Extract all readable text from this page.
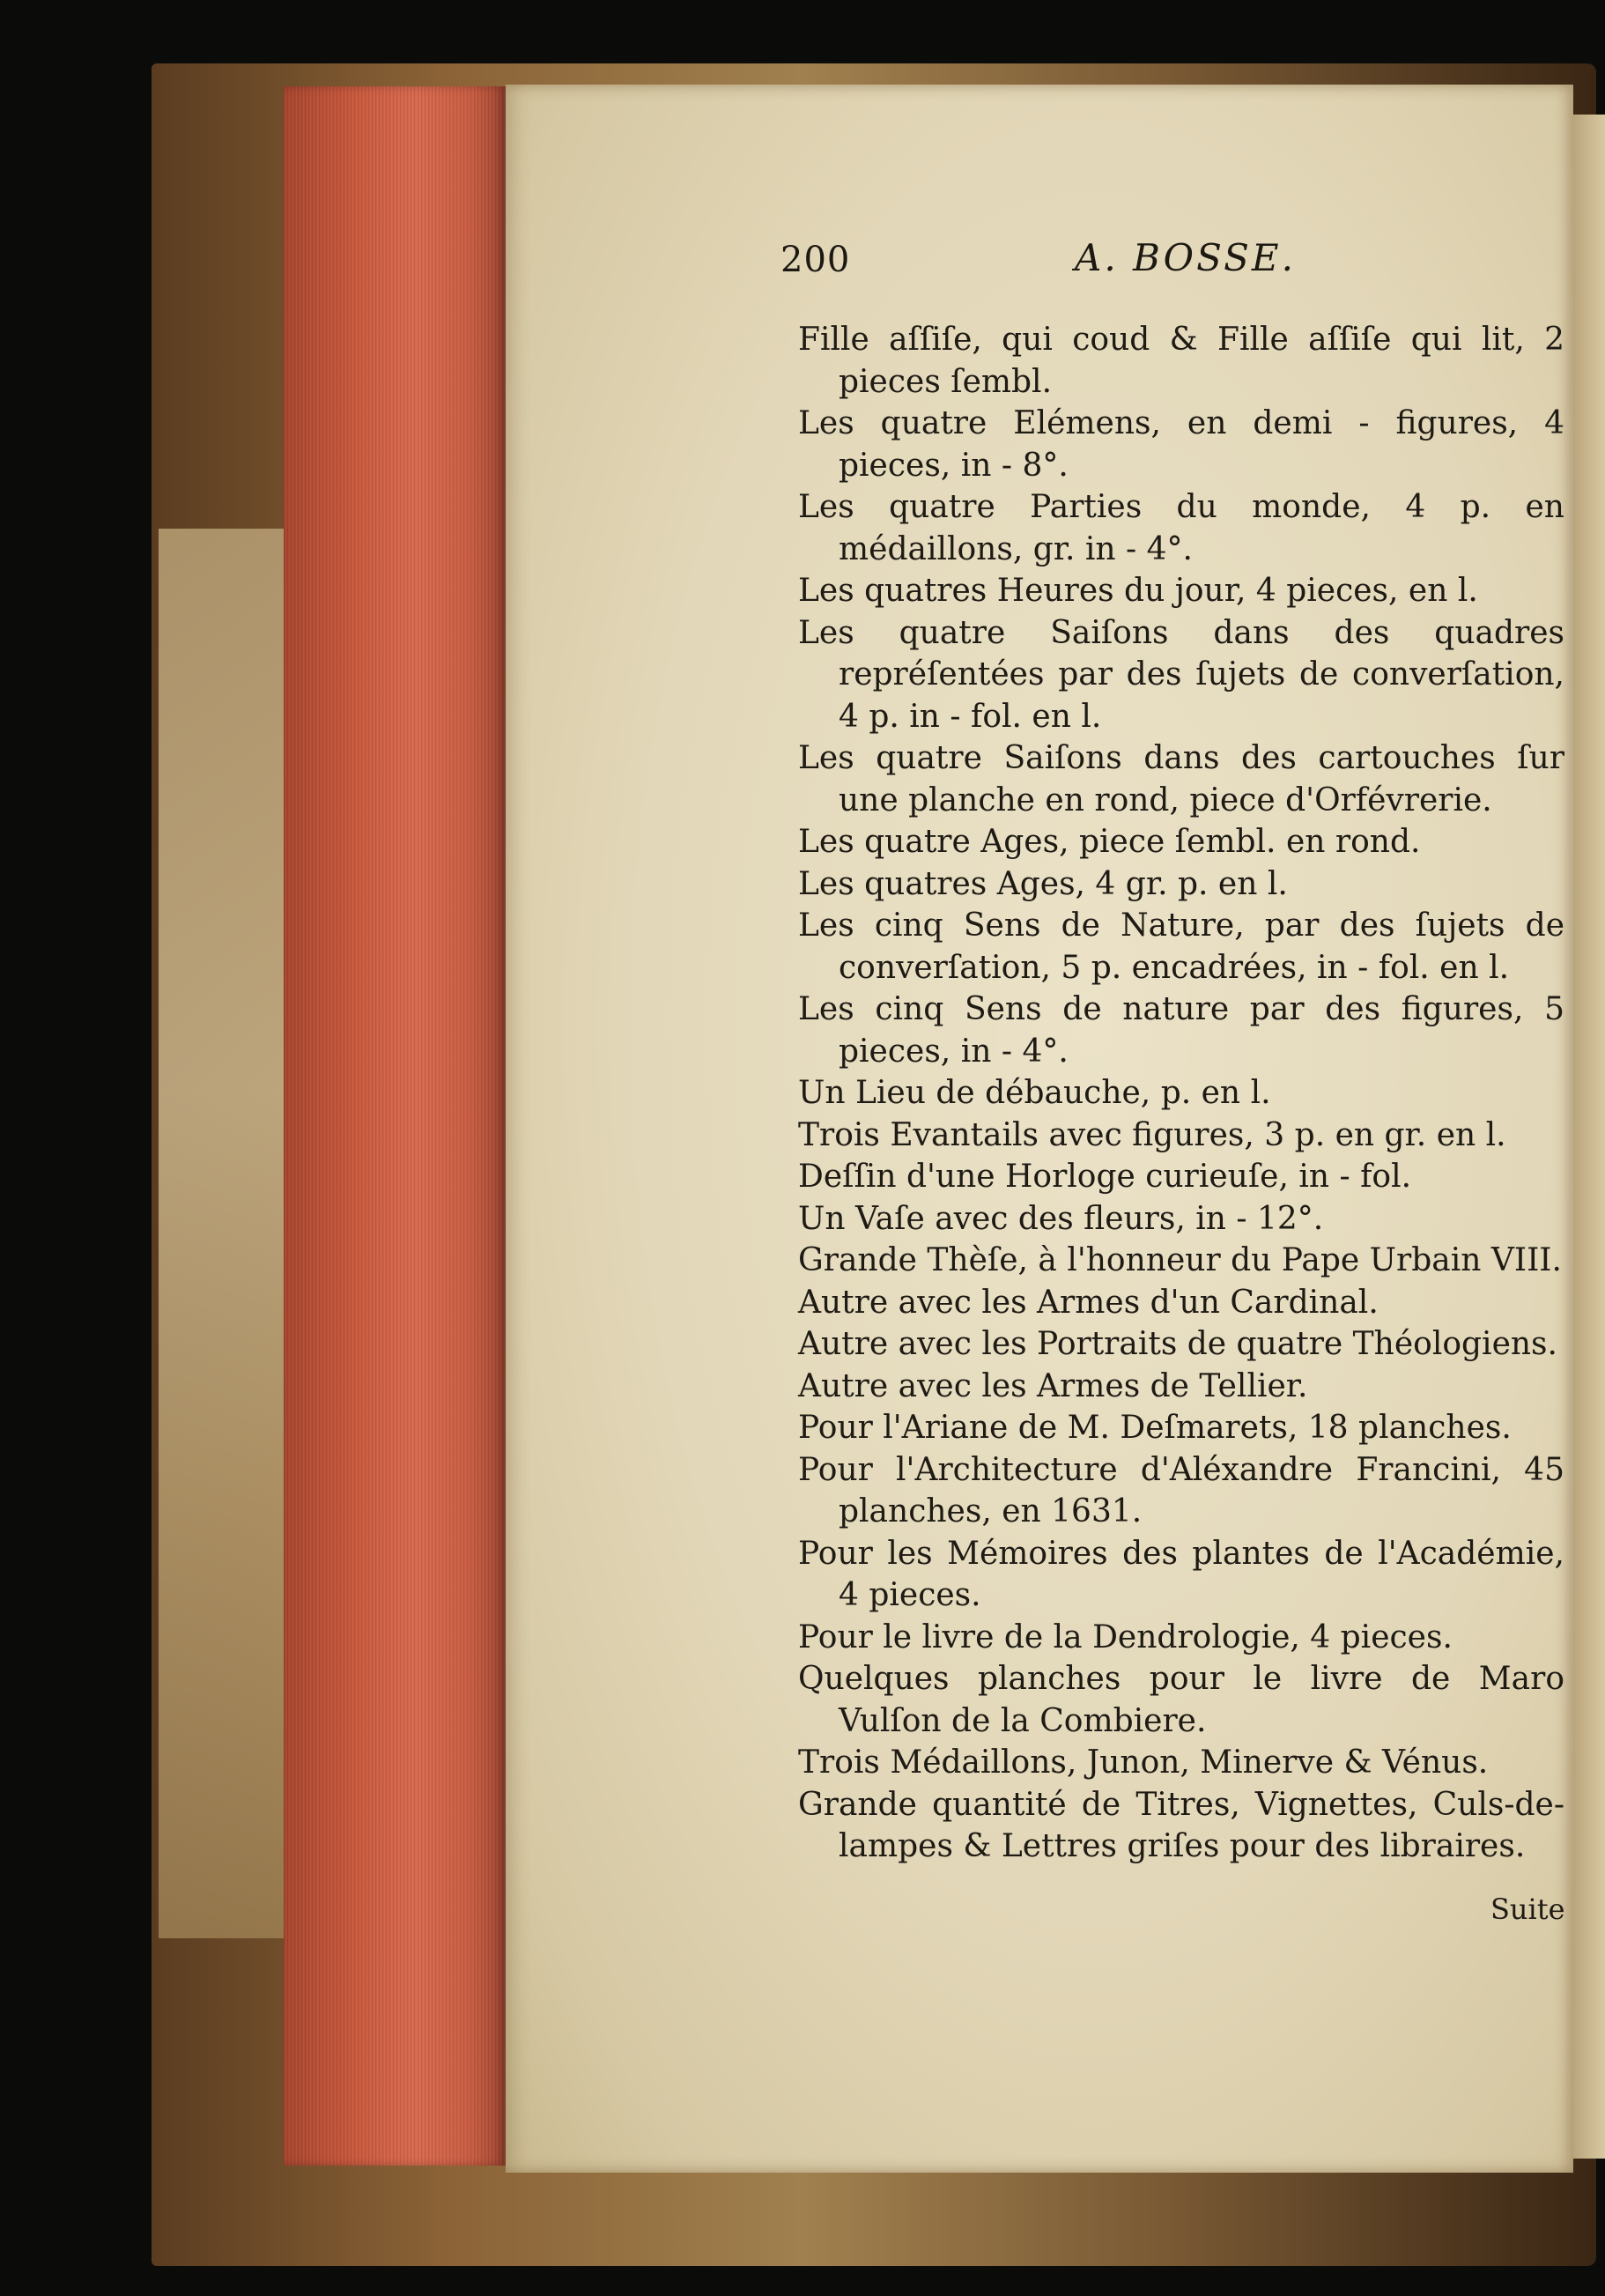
200	A. BOSSE.
Fille aſſiſe, qui coud & Fille aſſiſe qui lit, 2 pieces ſembl.
Les quatre Elémens, en demi - figures, 4 pieces, in - 8°.
Les quatre Parties du monde, 4 p. en médaillons, gr. in - 4°.
Les quatres Heures du jour, 4 pieces, en l.
Les quatre Saiſons dans des quadres repréſentées par des ſujets de converſation, 4 p. in - fol. en l.
Les quatre Saiſons dans des cartouches ſur une planche en rond, piece d'Orfévrerie.
Les quatre Ages, piece ſembl. en rond.
Les quatres Ages, 4 gr. p. en l.
Les cinq Sens de Nature, par des ſujets de converſation, 5 p. encadrées, in - fol. en l.
Les cinq Sens de nature par des figures, 5 pieces, in - 4°.
Un Lieu de débauche, p. en l.
Trois Evantails avec figures, 3 p. en gr. en l.
Deſſin d'une Horloge curieuſe, in - fol.
Un Vaſe avec des fleurs, in - 12°.
Grande Thèſe, à l'honneur du Pape Urbain VIII.
Autre avec les Armes d'un Cardinal.
Autre avec les Portraits de quatre Théologiens.
Autre avec les Armes de Tellier.
Pour l'Ariane de M. Deſmarets, 18 planches.
Pour l'Architecture d'Aléxandre Francini, 45 planches, en 1631.
Pour les Mémoires des plantes de l'Académie, 4 pieces.
Pour le livre de la Dendrologie, 4 pieces.
Quelques planches pour le livre de Maro Vulſon de la Combiere.
Trois Médaillons, Junon, Minerve & Vénus.
Grande quantité de Titres, Vignettes, Culs-de-lampes & Lettres griſes pour des libraires.
Suite
